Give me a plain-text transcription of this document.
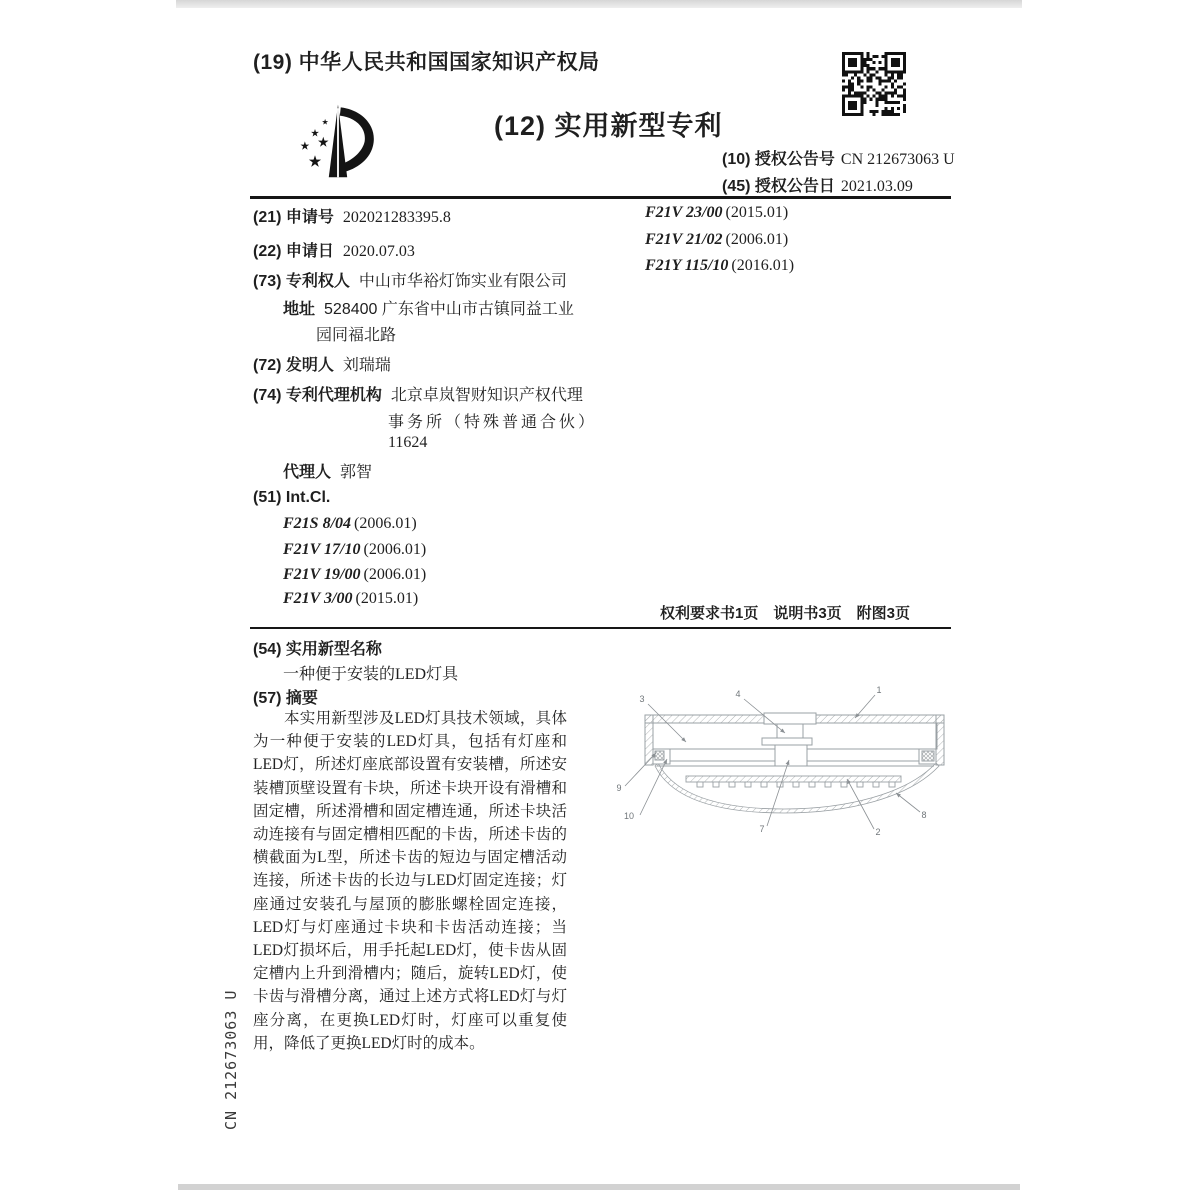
(19) 中华人民共和国国家知识产权局
(12) 实用新型专利
(10) 授权公告号 CN 212673063 U
(45) 授权公告日 2021.03.09
(21) 申请号 202021283395.8
(22) 申请日 2020.07.03
(73) 专利权人 中山市华裕灯饰实业有限公司
地址 528400 广东省中山市古镇同益工业
园同福北路
(72) 发明人 刘瑞瑞
(74) 专利代理机构 北京卓岚智财知识产权代理
事务所（特殊普通合伙）
11624
代理人 郭智
(51) Int.Cl.
F21S 8/04 (2006.01)
F21V 17/10 (2006.01)
F21V 19/00 (2006.01)
F21V 3/00 (2015.01)
F21V 23/00 (2015.01)
F21V 21/02 (2006.01)
F21Y 115/10 (2016.01)
权利要求书1页　说明书3页　附图3页
(54) 实用新型名称
一种便于安装的LED灯具
(57) 摘要
本实用新型涉及LED灯具技术领域，具体为一种便于安装的LED灯具，包括有灯座和LED灯，所述灯座底部设置有安装槽，所述安装槽顶壁设置有卡块，所述卡块开设有滑槽和固定槽，所述滑槽和固定槽连通，所述卡块活动连接有与固定槽相匹配的卡齿，所述卡齿的横截面为L型，所述卡齿的短边与固定槽活动连接，所述卡齿的长边与LED灯固定连接；灯座通过安装孔与屋顶的膨胀螺栓固定连接，LED灯与灯座通过卡块和卡齿活动连接；当LED灯损坏后，用手托起LED灯，使卡齿从固定槽内上升到滑槽内；随后，旋转LED灯，使卡齿与滑槽分离，通过上述方式将LED灯与灯座分离，在更换LED灯时，灯座可以重复使用，降低了更换LED灯时的成本。
1
2
3	4
7
8
9
10
CN 212673063 U
